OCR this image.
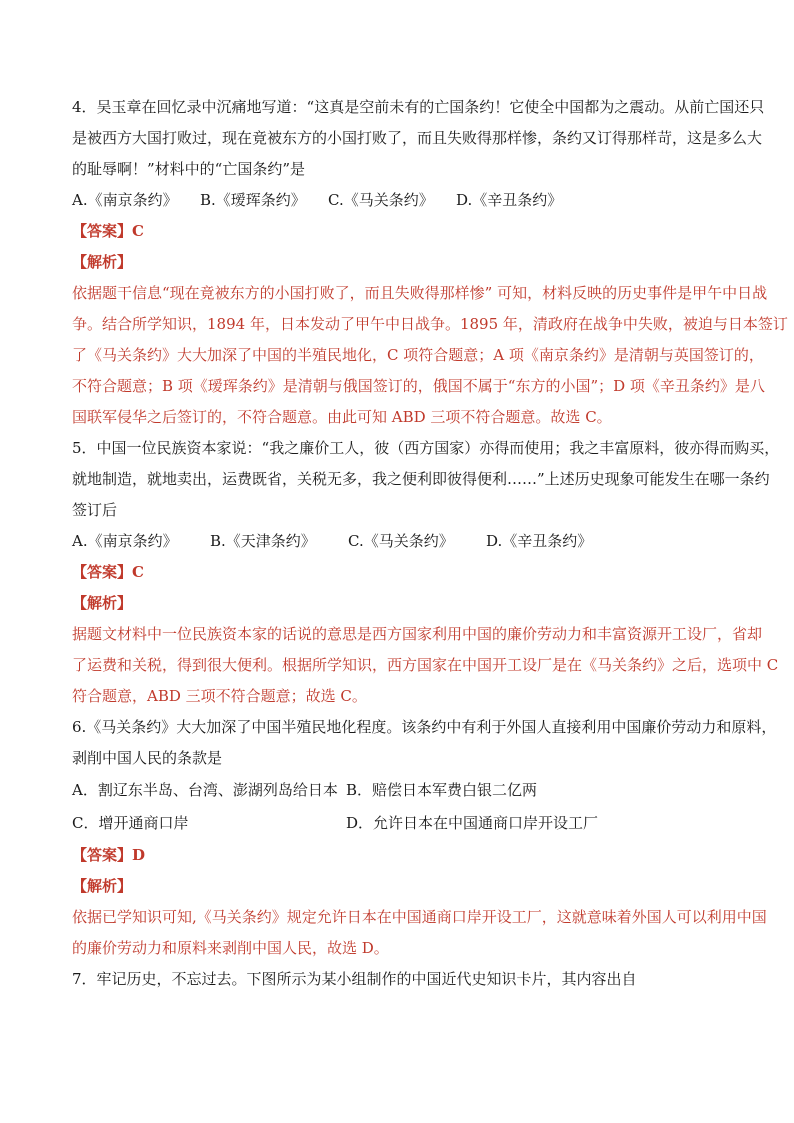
4．吴玉章在回忆录中沉痛地写道：“这真是空前未有的亡国条约！它使全中国都为之震动。从前亡国还只

是被西方大国打败过，现在竟被东方的小国打败了，而且失败得那样惨，条约又订得那样苛，这是多么大

的耻辱啊！”材料中的“亡国条约”是

A.《南京条约》	B.《瑷珲条约》	C.《马关条约》	D.《辛丑条约》

【答案】C

【解析】

依据题干信息“现在竟被东方的小国打败了，而且失败得那样惨” 可知，材料反映的历史事件是甲午中日战

争。结合所学知识，1894 年，日本发动了甲午中日战争。1895 年，清政府在战争中失败，被迫与日本签订

了《马关条约》大大加深了中国的半殖民地化，C 项符合题意；A 项《南京条约》是清朝与英国签订的，

不符合题意；B 项《瑷珲条约》是清朝与俄国签订的，俄国不属于“东方的小国”；D 项《辛丑条约》是八

国联军侵华之后签订的，不符合题意。由此可知 ABD 三项不符合题意。故选 C。

5．中国一位民族资本家说：“我之廉价工人，彼（西方国家）亦得而使用；我之丰富原料，彼亦得而购买，

就地制造，就地卖出，运费既省，关税无多，我之便利即彼得便利……”上述历史现象可能发生在哪一条约

签订后

A.《南京条约》	B.《天津条约》	C.《马关条约》	D.《辛丑条约》

【答案】C

【解析】

据题文材料中一位民族资本家的话说的意思是西方国家利用中国的廉价劳动力和丰富资源开工设厂，省却

了运费和关税，得到很大便利。根据所学知识，西方国家在中国开工设厂是在《马关条约》之后，选项中 C

符合题意，ABD 三项不符合题意；故选 C。

6.《马关条约》大大加深了中国半殖民地化程度。该条约中有利于外国人直接利用中国廉价劳动力和原料，

剥削中国人民的条款是

A．割辽东半岛、台湾、澎湖列岛给日本 B．赔偿日本军费白银二亿两
C．增开通商口岸	D．允许日本在中国通商口岸开设工厂

【答案】D

【解析】

依据已学知识可知,《马关条约》规定允许日本在中国通商口岸开设工厂，这就意味着外国人可以利用中国

的廉价劳动力和原料来剥削中国人民，故选 D。

7．牢记历史，不忘过去。下图所示为某小组制作的中国近代史知识卡片，其内容出自
